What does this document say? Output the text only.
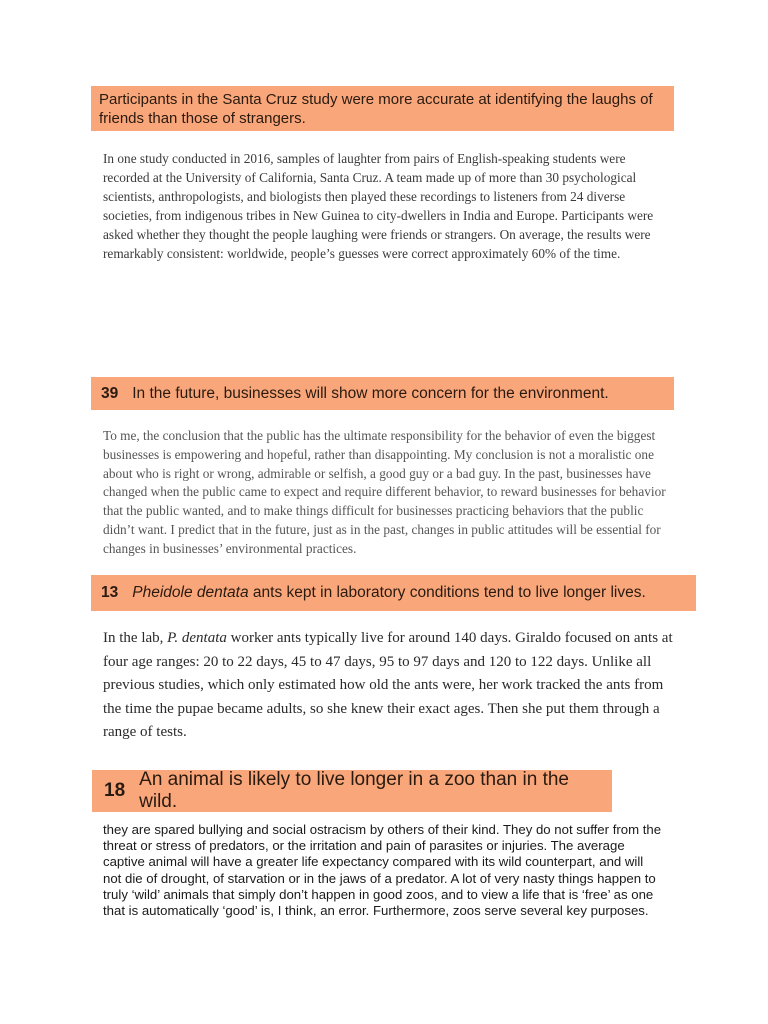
Participants in the Santa Cruz study were more accurate at identifying the laughs of friends than those of strangers.

In one study conducted in 2016, samples of laughter from pairs of English-speaking students were recorded at the University of California, Santa Cruz. A team made up of more than 30 psychological scientists, anthropologists, and biologists then played these recordings to listeners from 24 diverse societies, from indigenous tribes in New Guinea to city-dwellers in India and Europe. Participants were asked whether they thought the people laughing were friends or strangers. On average, the results were remarkably consistent: worldwide, people’s guesses were correct approximately 60% of the time.

39 In the future, businesses will show more concern for the environment.

To me, the conclusion that the public has the ultimate responsibility for the behavior of even the biggest businesses is empowering and hopeful, rather than disappointing. My conclusion is not a moralistic one about who is right or wrong, admirable or selfish, a good guy or a bad guy. In the past, businesses have changed when the public came to expect and require different behavior, to reward businesses for behavior that the public wanted, and to make things difficult for businesses practicing behaviors that the public didn’t want. I predict that in the future, just as in the past, changes in public attitudes will be essential for changes in businesses’ environmental practices.

13 Pheidole dentata ants kept in laboratory conditions tend to live longer lives.

In the lab, P. dentata worker ants typically live for around 140 days. Giraldo focused on ants at four age ranges: 20 to 22 days, 45 to 47 days, 95 to 97 days and 120 to 122 days. Unlike all previous studies, which only estimated how old the ants were, her work tracked the ants from the time the pupae became adults, so she knew their exact ages. Then she put them through a range of tests.

18
An animal is likely to live longer in a zoo than in the wild.

they are spared bullying and social ostracism by others of their kind. They do not suffer from the threat or stress of predators, or the irritation and pain of parasites or injuries. The average captive animal will have a greater life expectancy compared with its wild counterpart, and will not die of drought, of starvation or in the jaws of a predator. A lot of very nasty things happen to truly ‘wild’ animals that simply don’t happen in good zoos, and to view a life that is ‘free’ as one that is automatically ‘good’ is, I think, an error. Furthermore, zoos serve several key purposes.
